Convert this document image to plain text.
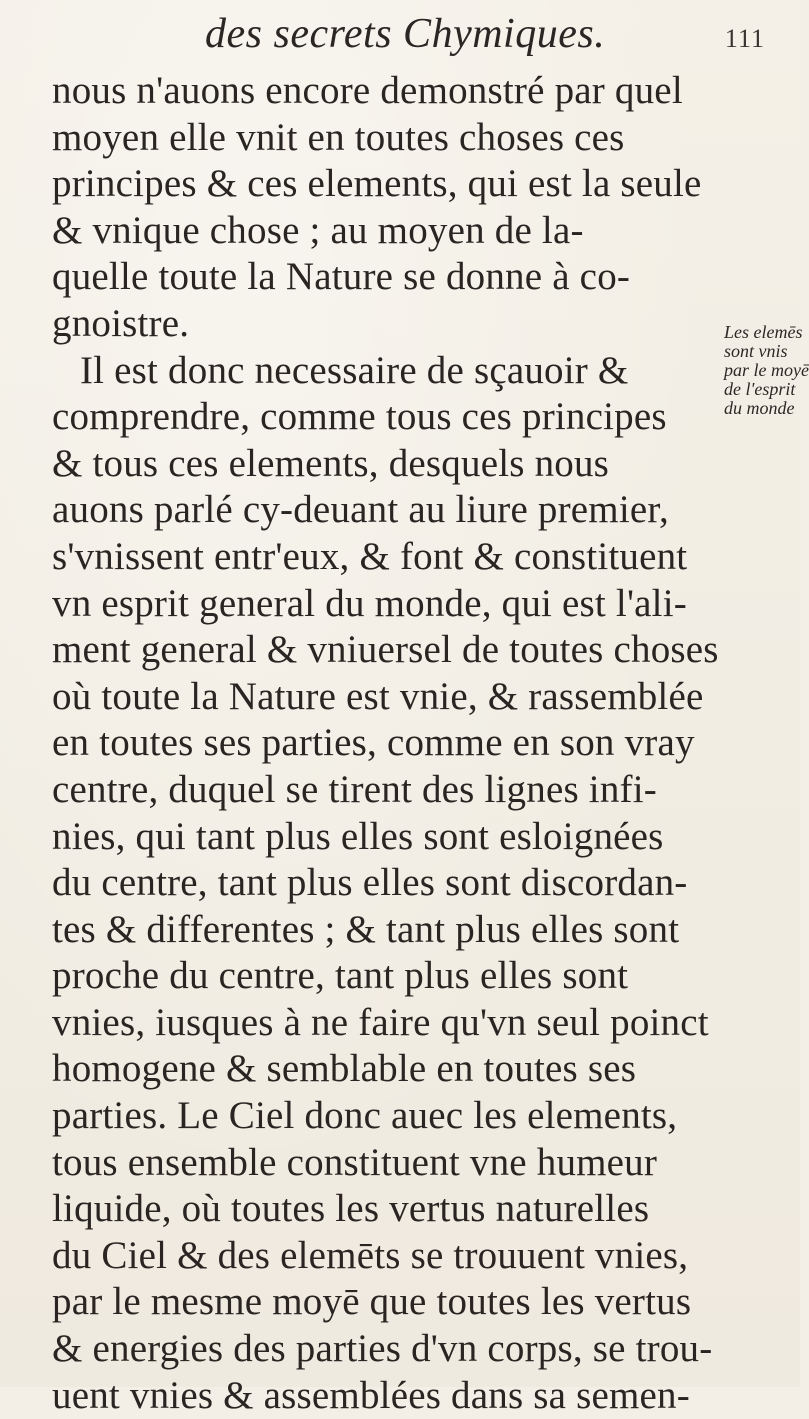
des secrets Chymiques.	111
nous n'auons encore demonstré par quel
moyen elle vnit en toutes choses ces
principes & ces elements, qui est la seule
& vnique chose ; au moyen de la-
quelle toute la Nature se donne à co-
gnoistre.
Il est donc necessaire de sçauoir &
comprendre, comme tous ces principes
& tous ces elements, desquels nous
auons parlé cy-deuant au liure premier,
s'vnissent entr'eux, & font & constituent
vn esprit general du monde, qui est l'ali-
ment general & vniuersel de toutes choses
où toute la Nature est vnie, & rassemblée
en toutes ses parties, comme en son vray
centre, duquel se tirent des lignes infi-
nies, qui tant plus elles sont esloignées
du centre, tant plus elles sont discordan-
tes & differentes ; & tant plus elles sont
proche du centre, tant plus elles sont
vnies, iusques à ne faire qu'vn seul poinct
homogene & semblable en toutes ses
parties. Le Ciel donc auec les elements,
tous ensemble constituent vne humeur
liquide, où toutes les vertus naturelles
du Ciel & des elemēts se trouuent vnies,
par le mesme moyē que toutes les vertus
& energies des parties d'vn corps, se trou-
uent vnies & assemblées dans sa semen-
Les elemēs
sont vnis
par le moyē
de l'esprit
du monde
